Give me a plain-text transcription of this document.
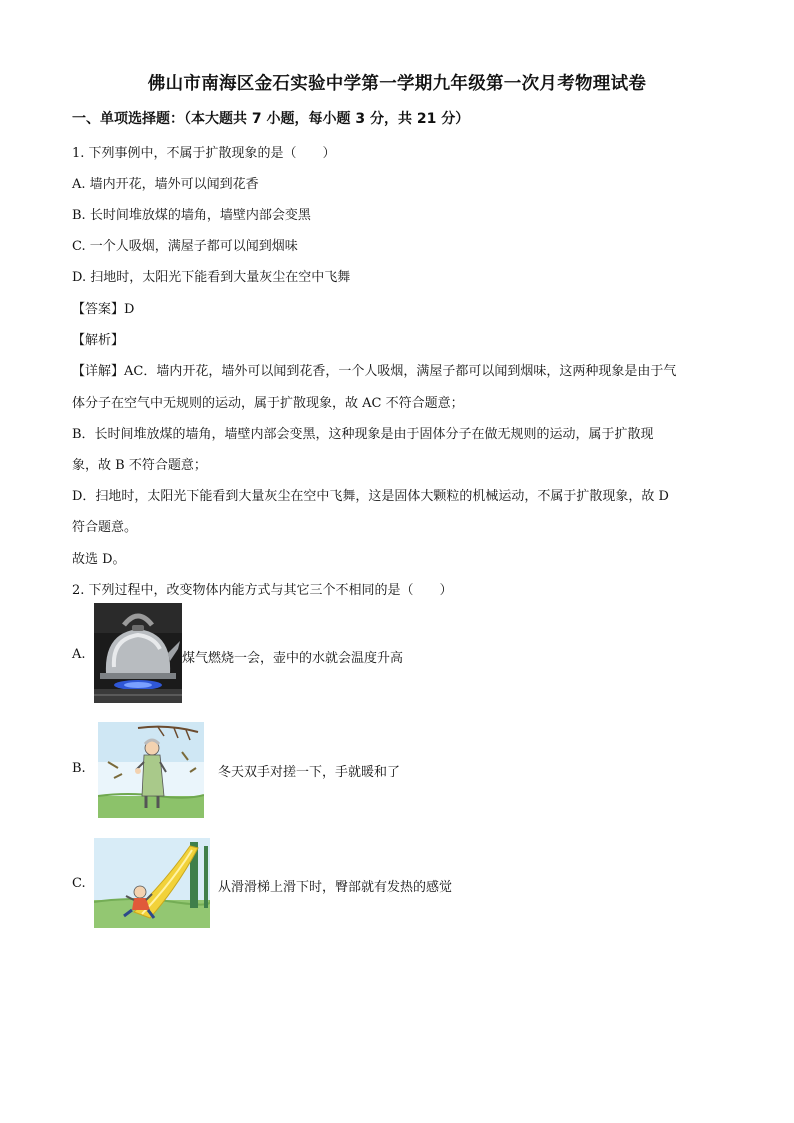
佛山市南海区金石实验中学第一学期九年级第一次月考物理试卷
一、单项选择题：（本大题共 7 小题，每小题 3 分，共 21 分）
1. 下列事例中，不属于扩散现象的是（　　）
A. 墙内开花，墙外可以闻到花香
B. 长时间堆放煤的墙角，墙壁内部会变黑
C. 一个人吸烟，满屋子都可以闻到烟味
D. 扫地时，太阳光下能看到大量灰尘在空中飞舞
【答案】D
【解析】
【详解】AC．墙内开花，墙外可以闻到花香，一个人吸烟，满屋子都可以闻到烟味，这两种现象是由于气
体分子在空气中无规则的运动，属于扩散现象，故 AC 不符合题意；
B．长时间堆放煤的墙角，墙壁内部会变黑，这种现象是由于固体分子在做无规则的运动，属于扩散现
象，故 B 不符合题意；
D．扫地时，太阳光下能看到大量灰尘在空中飞舞，这是固体大颗粒的机械运动，不属于扩散现象，故 D
符合题意。
故选 D。
2. 下列过程中，改变物体内能方式与其它三个不相同的是（　　）
A.	煤气燃烧一会，壶中的水就会温度升高
B.	冬天双手对搓一下，手就暖和了
C.	从滑滑梯上滑下时，臀部就有发热的感觉
